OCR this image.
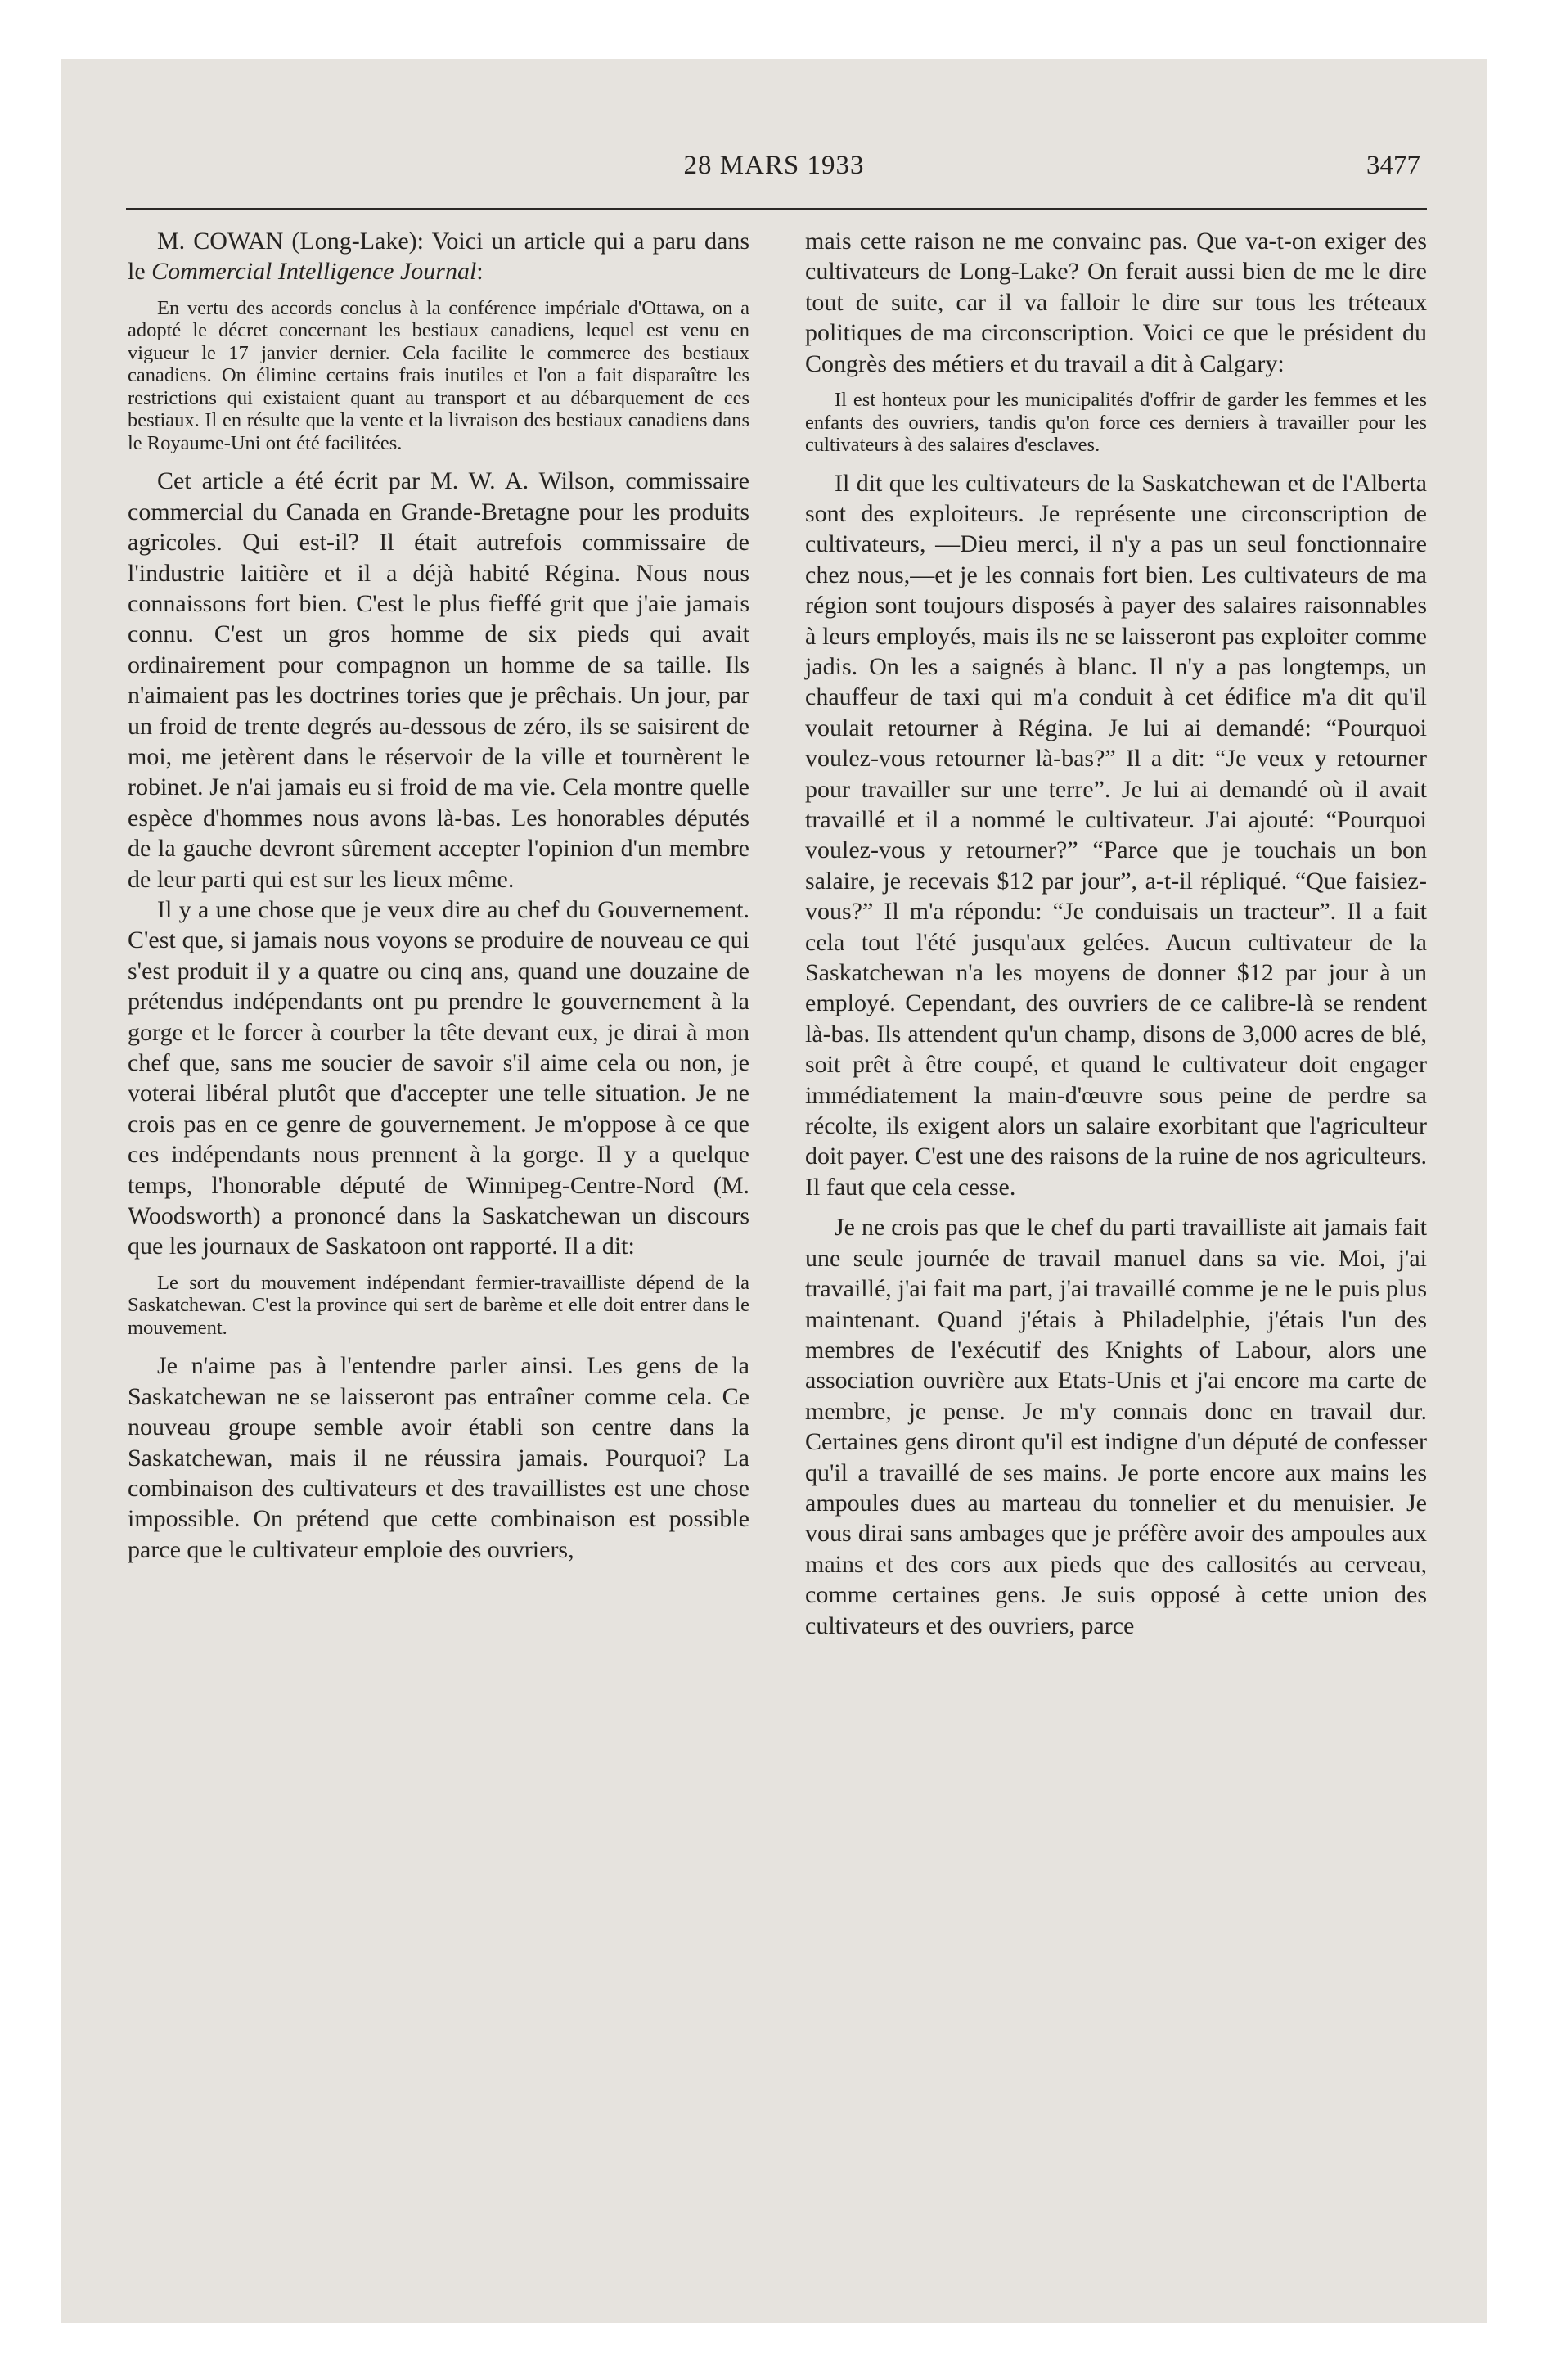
28 MARS 1933	3477

M. COWAN (Long-Lake): Voici un article qui a paru dans le Commercial Intelligence Journal:

En vertu des accords conclus à la conférence impériale d'Ottawa, on a adopté le décret concernant les bestiaux canadiens, lequel est venu en vigueur le 17 janvier dernier. Cela facilite le commerce des bestiaux canadiens. On élimine certains frais inutiles et l'on a fait disparaître les restrictions qui existaient quant au transport et au débarquement de ces bestiaux. Il en résulte que la vente et la livraison des bestiaux canadiens dans le Royaume-Uni ont été facilitées.

Cet article a été écrit par M. W. A. Wilson, commissaire commercial du Canada en Grande-Bretagne pour les produits agricoles. Qui est-il? Il était autrefois commissaire de l'industrie laitière et il a déjà habité Régina. Nous nous connaissons fort bien. C'est le plus fieffé grit que j'aie jamais connu. C'est un gros homme de six pieds qui avait ordinairement pour compagnon un homme de sa taille. Ils n'aimaient pas les doctrines tories que je prêchais. Un jour, par un froid de trente degrés au-dessous de zéro, ils se saisirent de moi, me jetèrent dans le réservoir de la ville et tournèrent le robinet. Je n'ai jamais eu si froid de ma vie. Cela montre quelle espèce d'hommes nous avons là-bas. Les honorables députés de la gauche devront sûrement accepter l'opinion d'un membre de leur parti qui est sur les lieux même.

Il y a une chose que je veux dire au chef du Gouvernement. C'est que, si jamais nous voyons se produire de nouveau ce qui s'est produit il y a quatre ou cinq ans, quand une douzaine de prétendus indépendants ont pu prendre le gouvernement à la gorge et le forcer à courber la tête devant eux, je dirai à mon chef que, sans me soucier de savoir s'il aime cela ou non, je voterai libéral plutôt que d'accepter une telle situation. Je ne crois pas en ce genre de gouvernement. Je m'oppose à ce que ces indépendants nous prennent à la gorge. Il y a quelque temps, l'honorable député de Winnipeg-Centre-Nord (M. Woodsworth) a prononcé dans la Saskatchewan un discours que les journaux de Saskatoon ont rapporté. Il a dit:

Le sort du mouvement indépendant fermier-travailliste dépend de la Saskatchewan. C'est la province qui sert de barème et elle doit entrer dans le mouvement.

Je n'aime pas à l'entendre parler ainsi. Les gens de la Saskatchewan ne se laisseront pas entraîner comme cela. Ce nouveau groupe semble avoir établi son centre dans la Saskatchewan, mais il ne réussira jamais. Pourquoi? La combinaison des cultivateurs et des travaillistes est une chose impossible. On prétend que cette combinaison est possible parce que le cultivateur emploie des ouvriers,

mais cette raison ne me convainc pas. Que va-t-on exiger des cultivateurs de Long-Lake? On ferait aussi bien de me le dire tout de suite, car il va falloir le dire sur tous les tréteaux politiques de ma circonscription. Voici ce que le président du Congrès des métiers et du travail a dit à Calgary:

Il est honteux pour les municipalités d'offrir de garder les femmes et les enfants des ouvriers, tandis qu'on force ces derniers à travailler pour les cultivateurs à des salaires d'esclaves.

Il dit que les cultivateurs de la Saskatchewan et de l'Alberta sont des exploiteurs. Je représente une circonscription de cultivateurs, —Dieu merci, il n'y a pas un seul fonctionnaire chez nous,—et je les connais fort bien. Les cultivateurs de ma région sont toujours disposés à payer des salaires raisonnables à leurs employés, mais ils ne se laisseront pas exploiter comme jadis. On les a saignés à blanc. Il n'y a pas longtemps, un chauffeur de taxi qui m'a conduit à cet édifice m'a dit qu'il voulait retourner à Régina. Je lui ai demandé: “Pourquoi voulez-vous retourner là-bas?” Il a dit: “Je veux y retourner pour travailler sur une terre”. Je lui ai demandé où il avait travaillé et il a nommé le cultivateur. J'ai ajouté: “Pourquoi voulez-vous y retourner?” “Parce que je touchais un bon salaire, je recevais $12 par jour”, a-t-il répliqué. “Que faisiez-vous?” Il m'a répondu: “Je conduisais un tracteur”. Il a fait cela tout l'été jusqu'aux gelées. Aucun cultivateur de la Saskatchewan n'a les moyens de donner $12 par jour à un employé. Cependant, des ouvriers de ce calibre-là se rendent là-bas. Ils attendent qu'un champ, disons de 3,000 acres de blé, soit prêt à être coupé, et quand le cultivateur doit engager immédiatement la main-d'œuvre sous peine de perdre sa récolte, ils exigent alors un salaire exorbitant que l'agriculteur doit payer. C'est une des raisons de la ruine de nos agriculteurs. Il faut que cela cesse.

Je ne crois pas que le chef du parti travailliste ait jamais fait une seule journée de travail manuel dans sa vie. Moi, j'ai travaillé, j'ai fait ma part, j'ai travaillé comme je ne le puis plus maintenant. Quand j'étais à Philadelphie, j'étais l'un des membres de l'exécutif des Knights of Labour, alors une association ouvrière aux Etats-Unis et j'ai encore ma carte de membre, je pense. Je m'y connais donc en travail dur. Certaines gens diront qu'il est indigne d'un député de confesser qu'il a travaillé de ses mains. Je porte encore aux mains les ampoules dues au marteau du tonnelier et du menuisier. Je vous dirai sans ambages que je préfère avoir des ampoules aux mains et des cors aux pieds que des callosités au cerveau, comme certaines gens. Je suis opposé à cette union des cultivateurs et des ouvriers, parce
